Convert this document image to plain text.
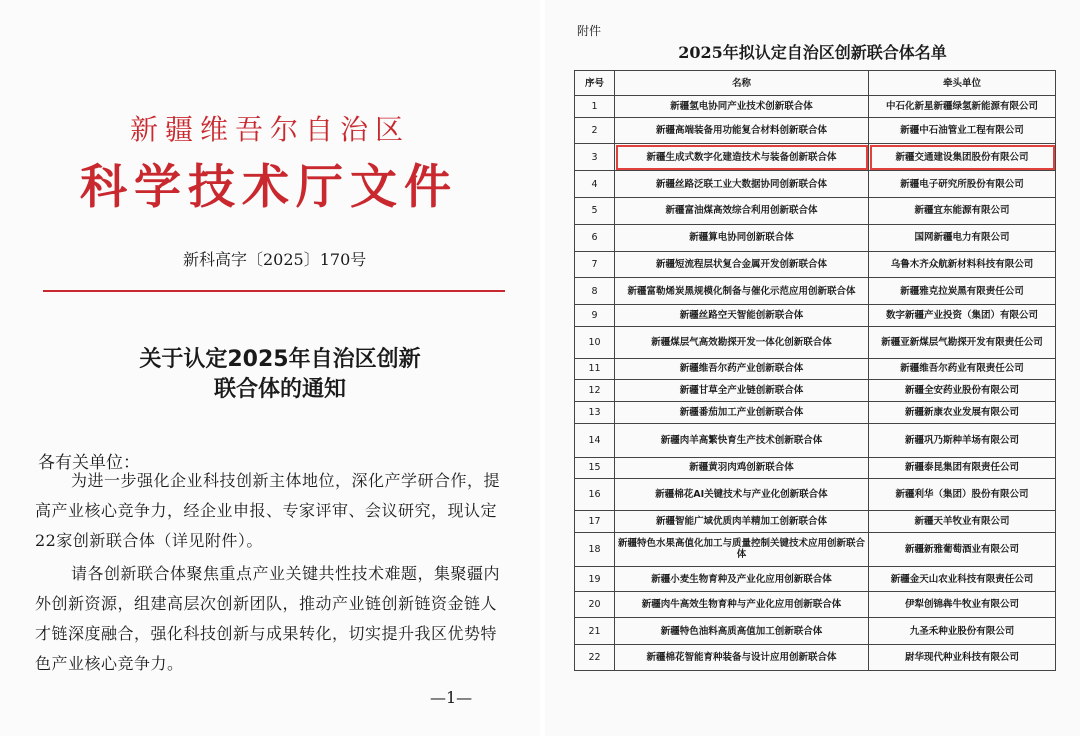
新疆维吾尔自治区
科学技术厅文件
新科高字〔2025〕170号
关于认定2025年自治区创新
联合体的通知
各有关单位：
为进一步强化企业科技创新主体地位，深化产学研合作，提高产业核心竞争力，经企业申报、专家评审、会议研究，现认定22家创新联合体（详见附件）。
请各创新联合体聚焦重点产业关键共性技术难题，集聚疆内外创新资源，组建高层次创新团队，推动产业链创新链资金链人才链深度融合，强化科技创新与成果转化，切实提升我区优势特色产业核心竞争力。
—1—
附件
2025年拟认定自治区创新联合体名单
序号	名称	牵头单位
1	新疆氢电协同产业技术创新联合体	中石化新星新疆绿氢新能源有限公司
2	新疆高端装备用功能复合材料创新联合体	新疆中石油管业工程有限公司
3	新疆生成式数字化建造技术与装备创新联合体	新疆交通建设集团股份有限公司
4	新疆丝路泛联工业大数据协同创新联合体	新疆电子研究所股份有限公司
5	新疆富油煤高效综合利用创新联合体	新疆宜东能源有限公司
6	新疆算电协同创新联合体	国网新疆电力有限公司
7	新疆短流程层状复合金属开发创新联合体	乌鲁木齐众航新材料科技有限公司
8	新疆富勒烯炭黑规模化制备与催化示范应用创新联合体	新疆雅克拉炭黑有限责任公司
9	新疆丝路空天智能创新联合体	数字新疆产业投资（集团）有限公司
10	新疆煤层气高效勘探开发一体化创新联合体	新疆亚新煤层气勘探开发有限责任公司
11	新疆维吾尔药产业创新联合体	新疆维吾尔药业有限责任公司
12	新疆甘草全产业链创新联合体	新疆全安药业股份有限公司
13	新疆番茄加工产业创新联合体	新疆新康农业发展有限公司
14	新疆肉羊高繁快育生产技术创新联合体	新疆巩乃斯种羊场有限公司
15	新疆黄羽肉鸡创新联合体	新疆泰昆集团有限责任公司
16	新疆棉花AI关键技术与产业化创新联合体	新疆利华（集团）股份有限公司
17	新疆智能广域优质肉羊精加工创新联合体	新疆天羊牧业有限公司
18	新疆特色水果高值化加工与质量控制关键技术应用创新联合体	新疆新雅葡萄酒业有限公司
19	新疆小麦生物育种及产业化应用创新联合体	新疆金天山农业科技有限责任公司
20	新疆肉牛高效生物育种与产业化应用创新联合体	伊犁创锦犇牛牧业有限公司
21	新疆特色油料高质高值加工创新联合体	九圣禾种业股份有限公司
22	新疆棉花智能育种装备与设计应用创新联合体	尉华现代种业科技有限公司
